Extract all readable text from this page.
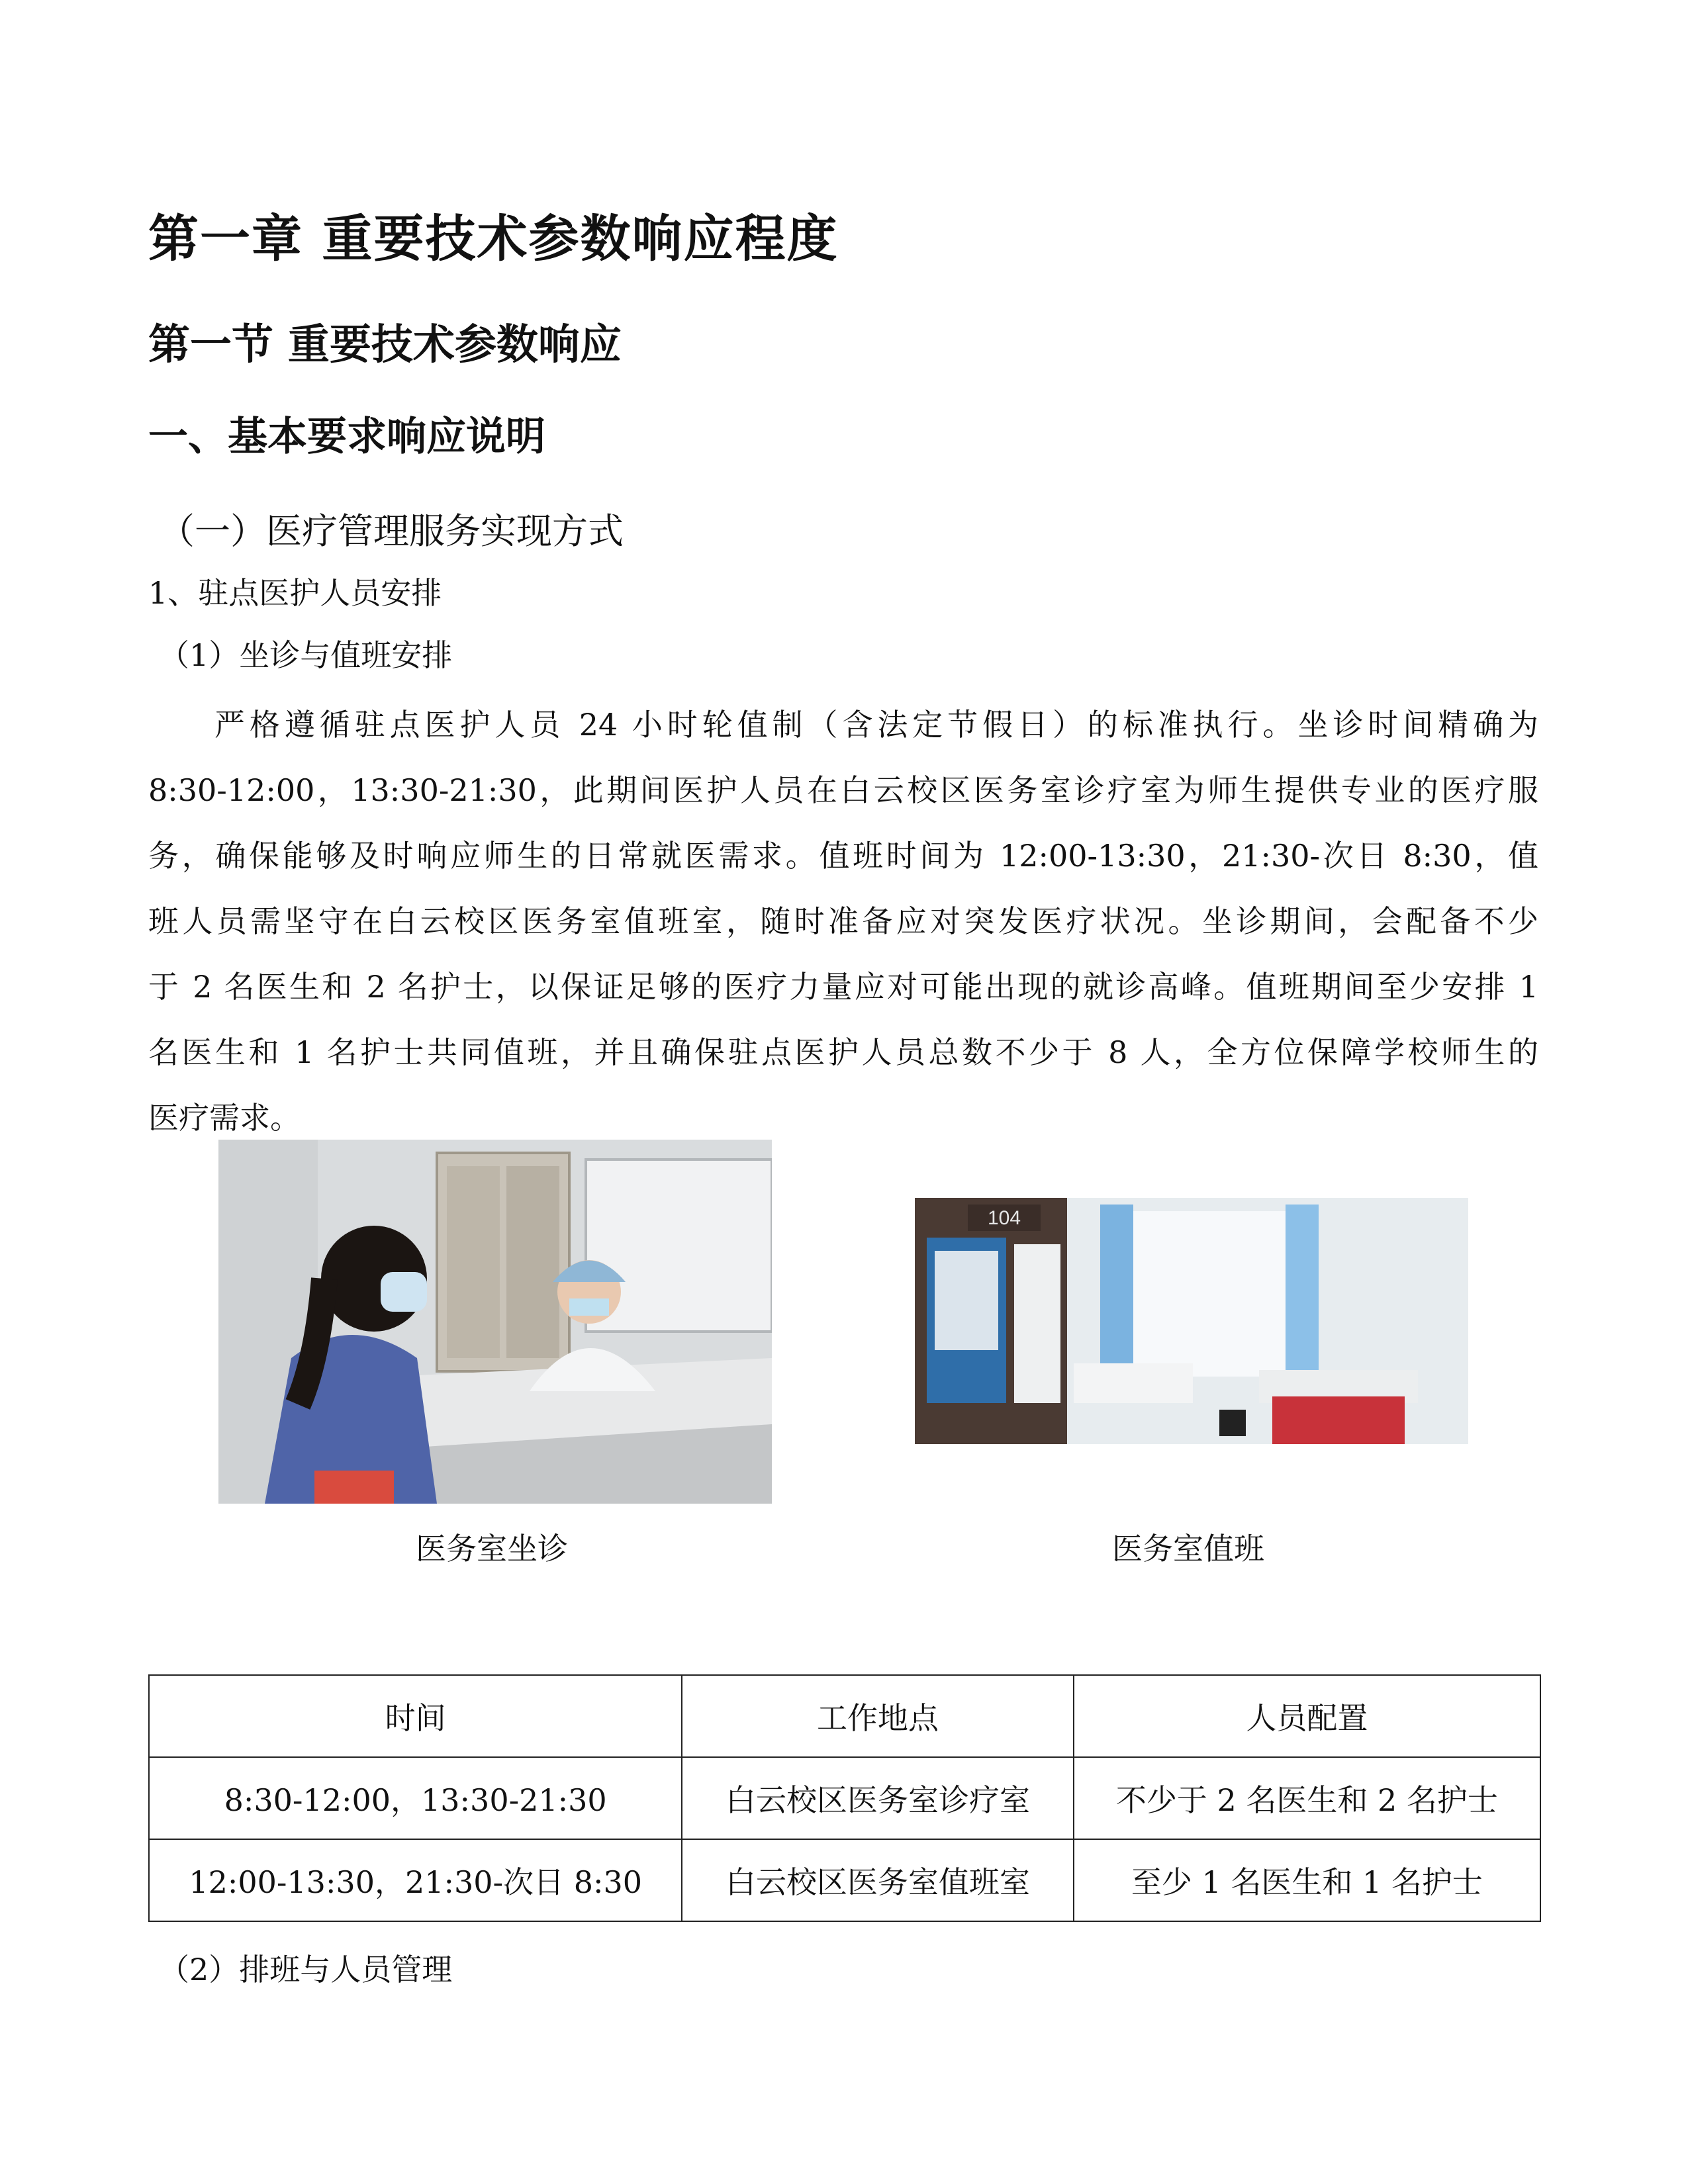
第一章 重要技术参数响应程度
第一节 重要技术参数响应
一、基本要求响应说明
（一）医疗管理服务实现方式
1、驻点医护人员安排
（1）坐诊与值班安排
严格遵循驻点医护人员 24 小时轮值制（含法定节假日）的标准执行。坐诊时间精确为
8:30-12:00，13:30-21:30，此期间医护人员在白云校区医务室诊疗室为师生提供专业的医疗服
务，确保能够及时响应师生的日常就医需求。值班时间为 12:00-13:30，21:30-次日 8:30，值
班人员需坚守在白云校区医务室值班室，随时准备应对突发医疗状况。坐诊期间，会配备不少
于 2 名医生和 2 名护士，以保证足够的医疗力量应对可能出现的就诊高峰。值班期间至少安排 1
名医生和 1 名护士共同值班，并且确保驻点医护人员总数不少于 8 人，全方位保障学校师生的
医疗需求。
医务室坐诊
104
医务室值班
时间	工作地点	人员配置
8:30-12:00，13:30-21:30	白云校区医务室诊疗室	不少于 2 名医生和 2 名护士
12:00-13:30，21:30-次日 8:30	白云校区医务室值班室	至少 1 名医生和 1 名护士
（2）排班与人员管理
